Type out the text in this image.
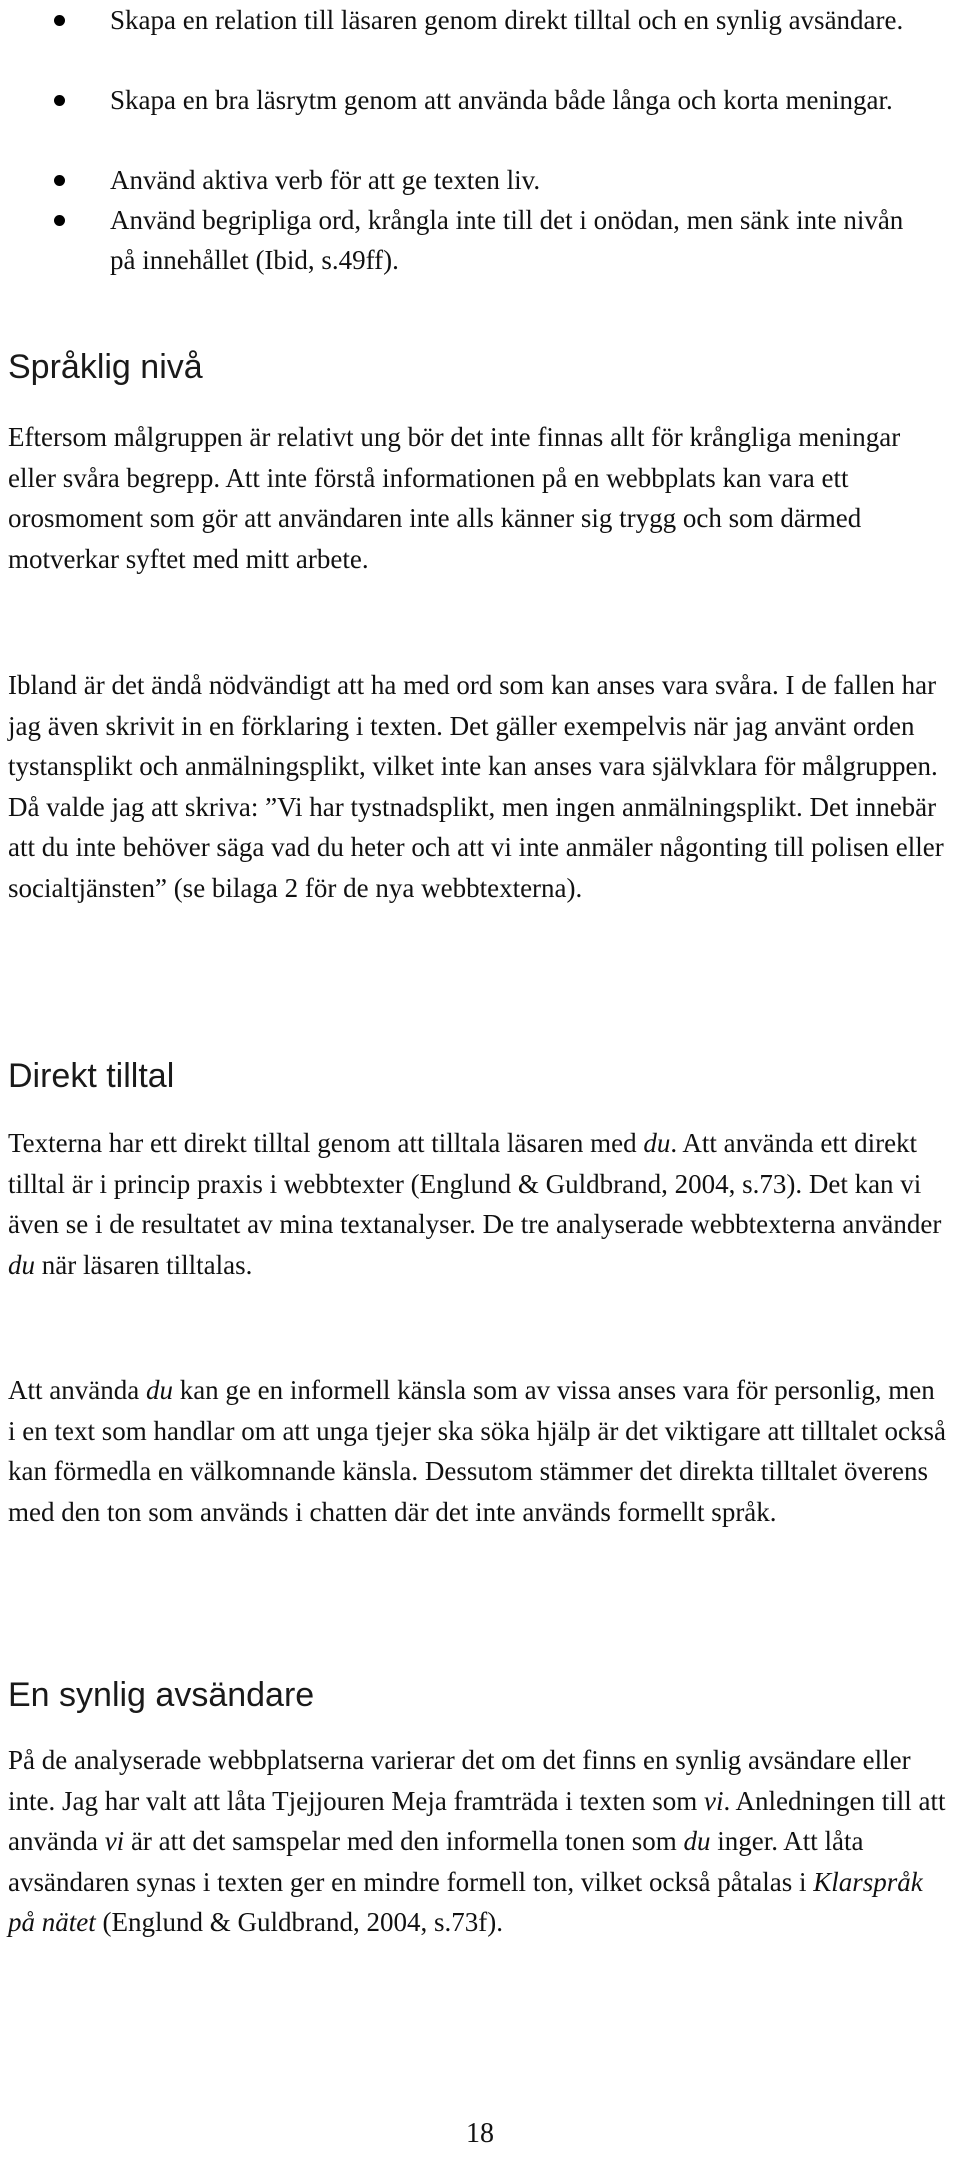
Skapa en relation till läsaren genom direkt tilltal och en synlig avsändare.
Skapa en bra läsrytm genom att använda både långa och korta meningar.
Använd aktiva verb för att ge texten liv.
Använd begripliga ord, krångla inte till det i onödan, men sänk inte nivån på innehållet (Ibid, s.49ff).
Språklig nivå

Eftersom målgruppen är relativt ung bör det inte finnas allt för krångliga meningar eller svåra begrepp. Att inte förstå informationen på en webbplats kan vara ett orosmoment som gör att användaren inte alls känner sig trygg och som därmed motverkar syftet med mitt arbete.

Ibland är det ändå nödvändigt att ha med ord som kan anses vara svåra. I de fallen har jag även skrivit in en förklaring i texten. Det gäller exempelvis när jag använt orden tystansplikt och anmälningsplikt, vilket inte kan anses vara självklara för målgruppen. Då valde jag att skriva: ”Vi har tystnadsplikt, men ingen anmälningsplikt. Det innebär att du inte behöver säga vad du heter och att vi inte anmäler någonting till polisen eller socialtjänsten” (se bilaga 2 för de nya webbtexterna).

Direkt tilltal

Texterna har ett direkt tilltal genom att tilltala läsaren med du. Att använda ett direkt tilltal är i princip praxis i webbtexter (Englund & Guldbrand, 2004, s.73). Det kan vi även se i de resultatet av mina textanalyser. De tre analyserade webbtexterna använder du när läsaren tilltalas.

Att använda du kan ge en informell känsla som av vissa anses vara för personlig, men i en text som handlar om att unga tjejer ska söka hjälp är det viktigare att tilltalet också kan förmedla en välkomnande känsla. Dessutom stämmer det direkta tilltalet överens med den ton som används i chatten där det inte används formellt språk.

En synlig avsändare

På de analyserade webbplatserna varierar det om det finns en synlig avsändare eller inte. Jag har valt att låta Tjejjouren Meja framträda i texten som vi. Anledningen till att använda vi är att det samspelar med den informella tonen som du inger. Att låta avsändaren synas i texten ger en mindre formell ton, vilket också påtalas i Klarspråk på nätet (Englund & Guldbrand, 2004, s.73f).

18
